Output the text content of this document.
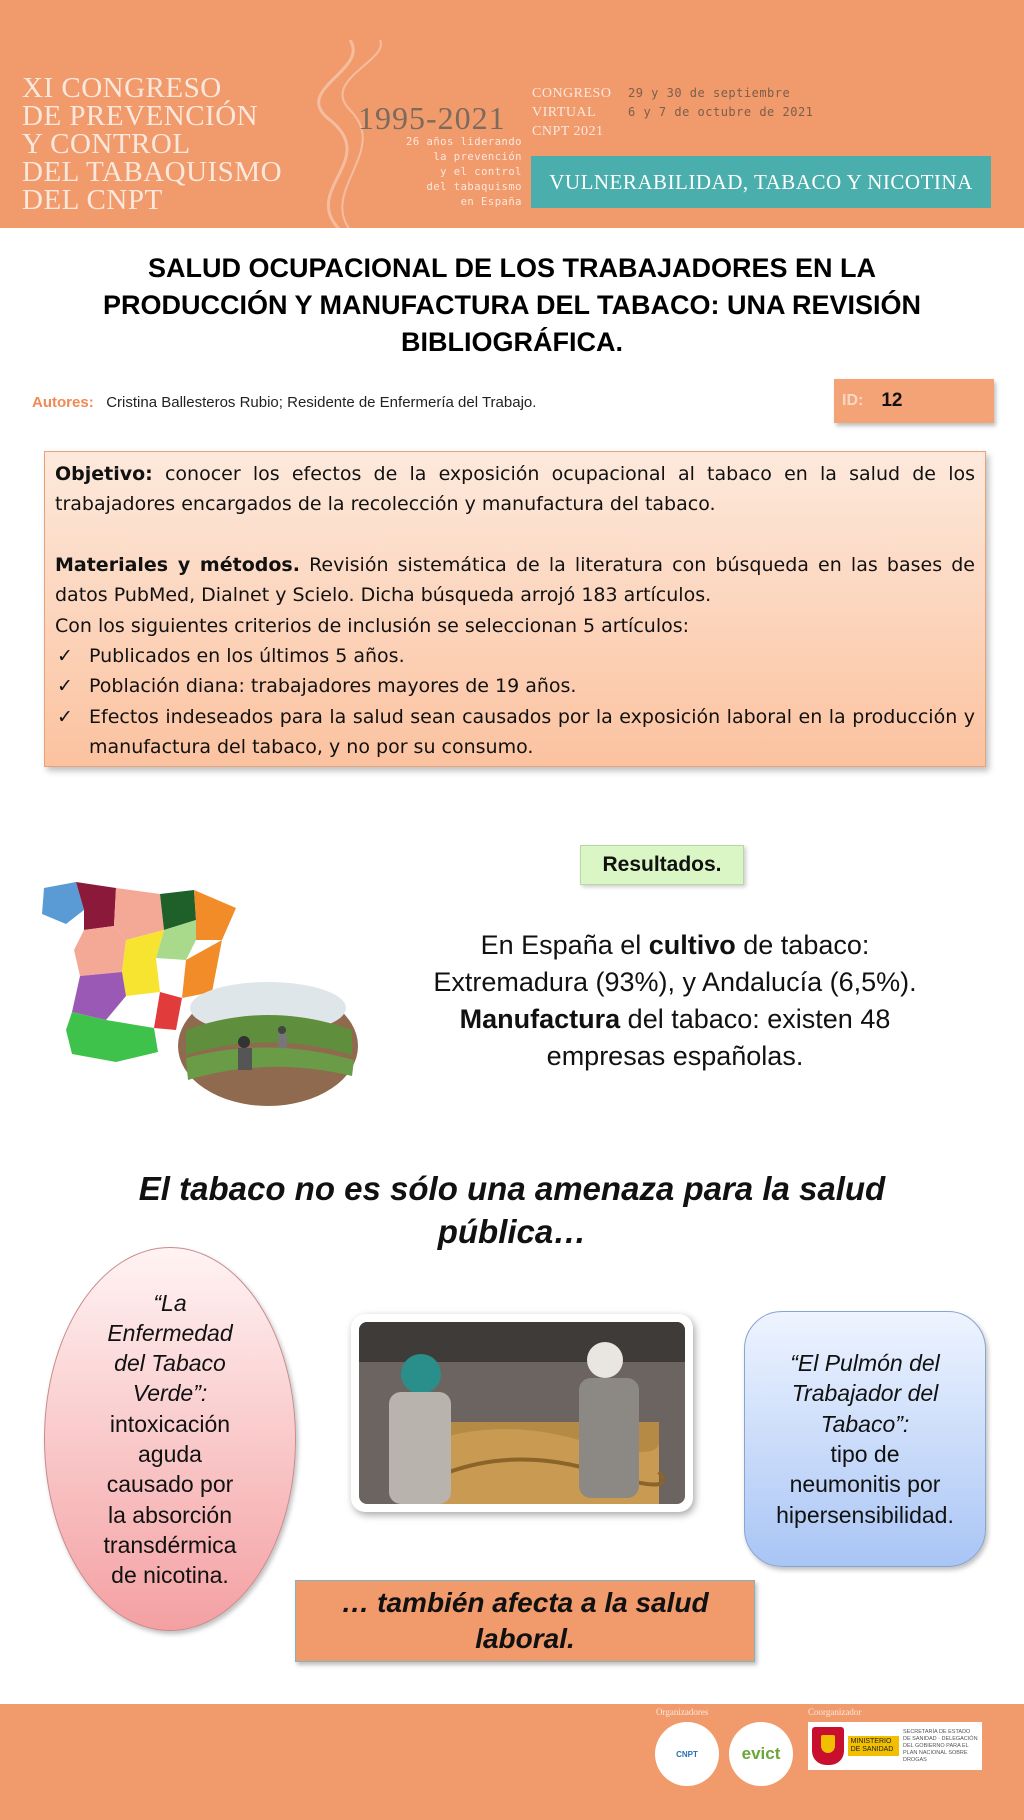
XI CONGRESO
DE PREVENCIÓN
Y CONTROL
DEL TABAQUISMO
DEL CNPT
1995-2021
26 años liderando
la prevención
y el control
del tabaquismo
en España
CONGRESO
VIRTUAL
CNPT 2021
29 y 30 de septiembre
6 y 7 de octubre de 2021
VULNERABILIDAD, TABACO Y NICOTINA
SALUD OCUPACIONAL DE LOS TRABAJADORES EN LA
PRODUCCIÓN Y MANUFACTURA DEL TABACO: UNA REVISIÓN
BIBLIOGRÁFICA.
Autores: Cristina Ballesteros Rubio; Residente de Enfermería del Trabajo.	ID: 12

Objetivo: conocer los efectos de la exposición ocupacional al tabaco en la salud de los trabajadores encargados de la recolección y manufactura del tabaco.

Materiales y métodos. Revisión sistemática de la literatura con búsqueda en las bases de datos PubMed, Dialnet y Scielo. Dicha búsqueda arrojó 183 artículos.

Con los siguientes criterios de inclusión se seleccionan 5 artículos:

✓ Publicados en los últimos 5 años.
✓ Población diana: trabajadores mayores de 19 años.
✓ Efectos indeseados para la salud sean causados por la exposición laboral en la producción y manufactura del tabaco, y no por su consumo.
Resultados.
En España el cultivo de tabaco:
Extremadura (93%), y Andalucía (6,5%).
Manufactura del tabaco: existen 48
empresas españolas.
El tabaco no es sólo una amenaza para la salud
pública…
“La
Enfermedad
del Tabaco
Verde”:
intoxicación
aguda
causado por
la absorción
transdérmica
de nicotina.
“El Pulmón del
Trabajador del
Tabaco”:
tipo de
neumonitis por
hipersensibilidad.
… también afecta a la salud
laboral.
Organizadores	Coorganizador
CNPT	evict
MINISTERIO DE SANIDAD
SECRETARÍA DE ESTADO DE SANIDAD · DELEGACIÓN DEL GOBIERNO PARA EL PLAN NACIONAL SOBRE DROGAS
